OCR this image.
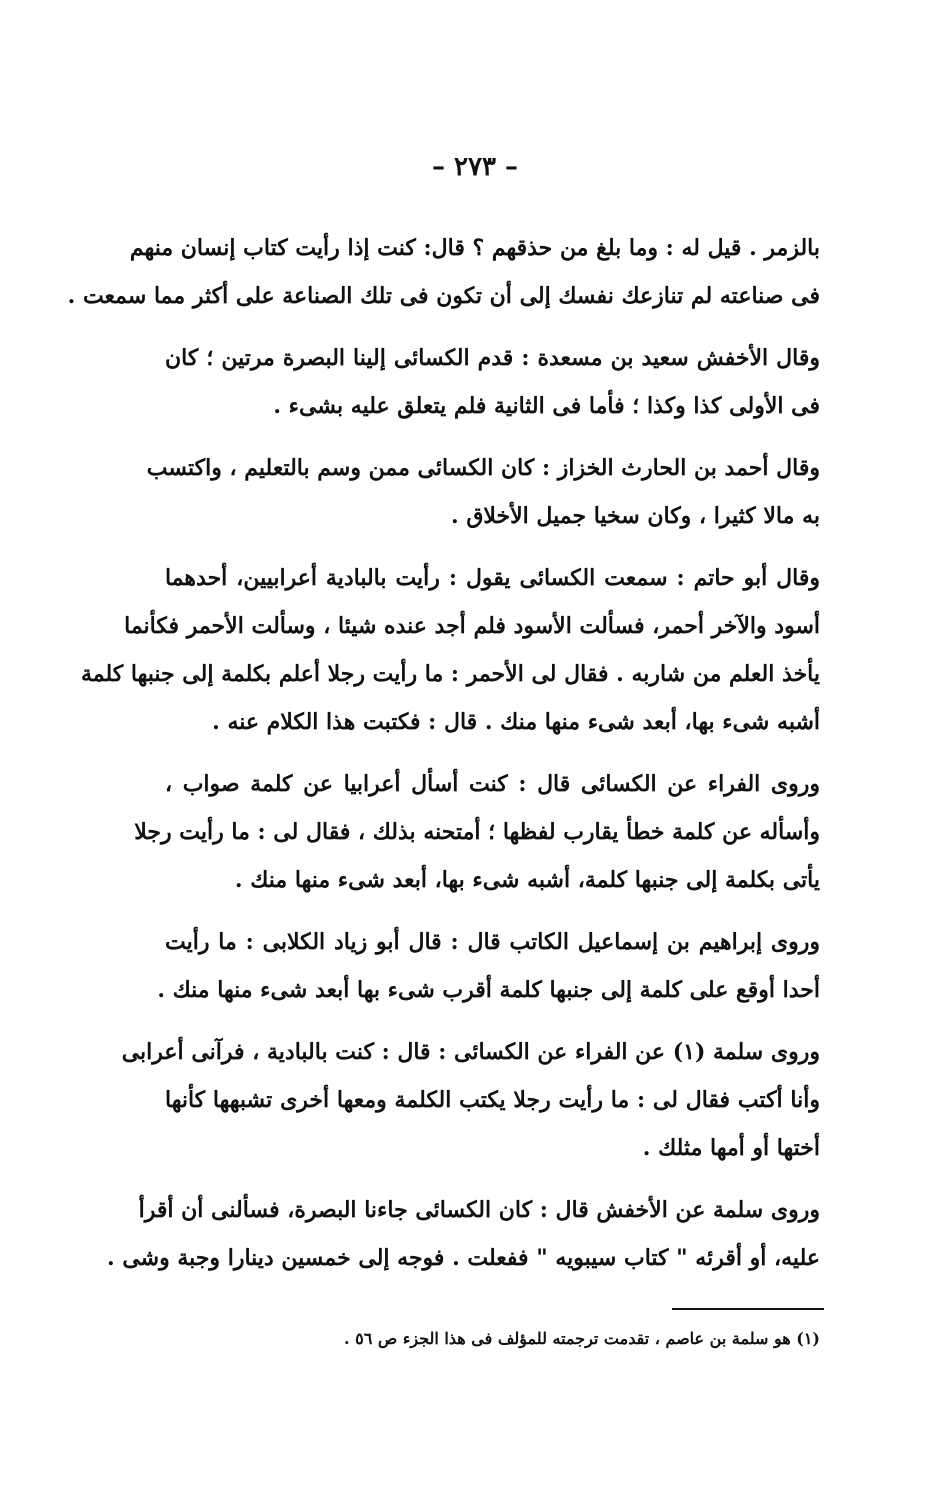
– ٢٧٣ –
بالزمر . قيل له : وما بلغ من حذقهم ؟ قال: كنت إذا رأيت كتاب إنسان منهم
فى صناعته لم تنازعك نفسك إلى أن تكون فى تلك الصناعة على أكثر مما سمعت .
وقال الأخفش سعيد بن مسعدة : قدم الكسائى إلينا البصرة مرتين ؛ كان
فى الأولى كذا وكذا ؛ فأما فى الثانية فلم يتعلق عليه بشىء .
وقال أحمد بن الحارث الخزاز : كان الكسائى ممن وسم بالتعليم ، واكتسب
به مالا كثيرا ، وكان سخيا جميل الأخلاق .
وقال أبو حاتم : سمعت الكسائى يقول : رأيت بالبادية أعرابيين، أحدهما
أسود والآخر أحمر، فسألت الأسود فلم أجد عنده شيئا ، وسألت الأحمر فكأنما
يأخذ العلم من شاربه . فقال لى الأحمر : ما رأيت رجلا أعلم بكلمة إلى جنبها كلمة
أشبه شىء بها، أبعد شىء منها منك . قال : فكتبت هذا الكلام عنه .
وروى الفراء عن الكسائى قال : كنت أسأل أعرابيا عن كلمة صواب ،
وأسأله عن كلمة خطأ يقارب لفظها ؛ أمتحنه بذلك ، فقال لى : ما رأيت رجلا
يأتى بكلمة إلى جنبها كلمة، أشبه شىء بها، أبعد شىء منها منك .
وروى إبراهيم بن إسماعيل الكاتب قال : قال أبو زياد الكلابى : ما رأيت
أحدا أوقع على كلمة إلى جنبها كلمة أقرب شىء بها أبعد شىء منها منك .
وروى سلمة (١) عن الفراء عن الكسائى : قال : كنت بالبادية ، فرآنى أعرابى
وأنا أكتب فقال لى : ما رأيت رجلا يكتب الكلمة ومعها أخرى تشبهها كأنها
أختها أو أمها مثلك .
وروى سلمة عن الأخفش قال : كان الكسائى جاءنا البصرة، فسألنى أن أقرأ
عليه، أو أقرئه " كتاب سيبويه " ففعلت . فوجه إلى خمسين دينارا وجبة وشى .
(١) هو سلمة بن عاصم ، تقدمت ترجمته للمؤلف فى هذا الجزء ص ٥٦ .
